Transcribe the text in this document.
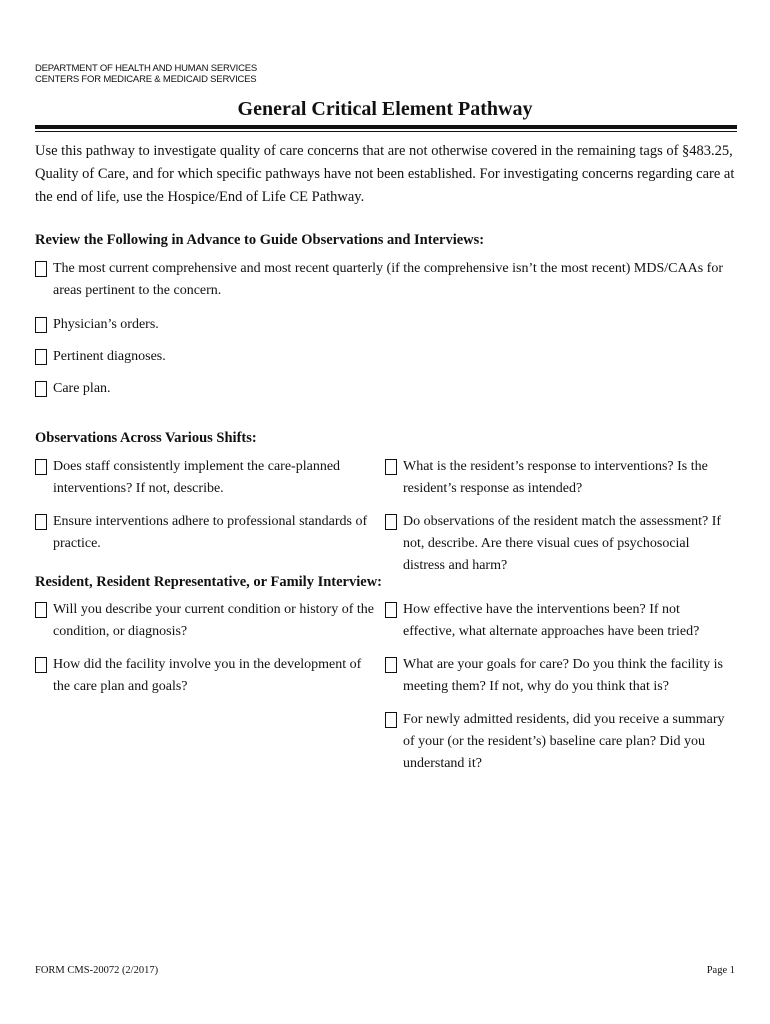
DEPARTMENT OF HEALTH AND HUMAN SERVICES
CENTERS FOR MEDICARE & MEDICAID SERVICES
General Critical Element Pathway
Use this pathway to investigate quality of care concerns that are not otherwise covered in the remaining tags of §483.25, Quality of Care, and for which specific pathways have not been established. For investigating concerns regarding care at the end of life, use the Hospice/End of Life CE Pathway.
Review the Following in Advance to Guide Observations and Interviews:
The most current comprehensive and most recent quarterly (if the comprehensive isn’t the most recent) MDS/CAAs for areas pertinent to the concern.
Physician’s orders.
Pertinent diagnoses.
Care plan.
Observations Across Various Shifts:
Does staff consistently implement the care-planned interventions? If not, describe.
Ensure interventions adhere to professional standards of practice.
What is the resident’s response to interventions? Is the resident’s response as intended?
Do observations of the resident match the assessment? If not, describe. Are there visual cues of psychosocial distress and harm?
Resident, Resident Representative, or Family Interview:
Will you describe your current condition or history of the condition, or diagnosis?
How did the facility involve you in the development of the care plan and goals?
How effective have the interventions been? If not effective, what alternate approaches have been tried?
What are your goals for care? Do you think the facility is meeting them? If not, why do you think that is?
For newly admitted residents, did you receive a summary of your (or the resident’s) baseline care plan? Did you understand it?
FORM CMS-20072 (2/2017)	Page 1
